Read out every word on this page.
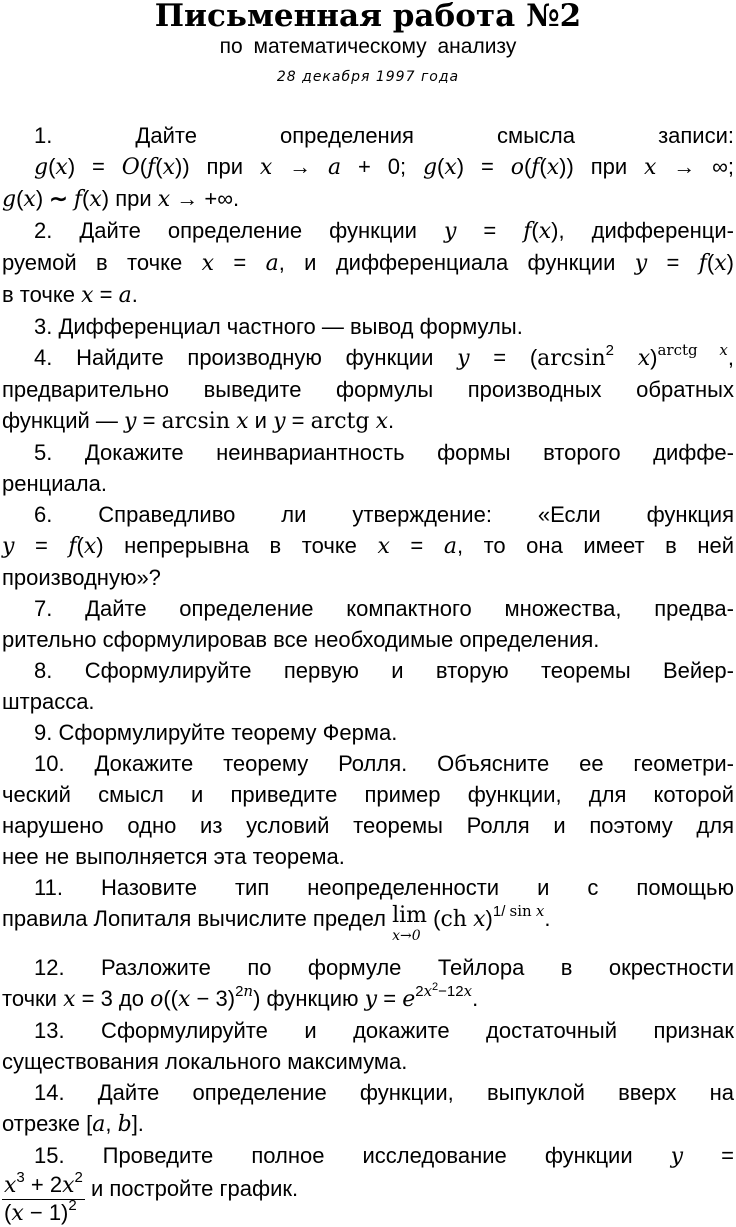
Письменная работа №2
по математическому анализу
28 декабря 1997 года

1. Дайте определения смысла записи:
g(x) = O(f(x)) при x → a + 0; g(x) = o(f(x)) при x → ∞;
g(x) ∼ f(x) при x → +∞.

2. Дайте определение функции y = f(x), дифференци-
руемой в точке x = a, и дифференциала функции y = f(x)
в точке x = a.

3. Дифференциал частного — вывод формулы.

4. Найдите производную функции $y = (\arcsin^2$ x)$^{arctg x}$,
предварительно выведите формулы производных обратных
функций — y = arcsin x и y = arctg x.

5. Докажите неинвариантность формы второго диффе-
ренциала.

6. Справедливо ли утверждение: «Если функция
y = f(x) непрерывна в точке x = a, то она имеет в ней
производную»?

7. Дайте определение компактного множества, предва-
рительно сформулировав все необходимые определения.

8. Сформулируйте первую и вторую теоремы Вейер-
штрасса.

9. Сформулируйте теорему Ферма.

10. Докажите теорему Ролля. Объясните ее геометри-
ческий смысл и приведите пример функции, для которой
нарушено одно из условий теоремы Ролля и поэтому для
нее не выполняется эта теорема.

11. Назовите тип неопределенности и с помощью
правила Лопиталя вычислите предел lim
x→0
(ch x)$^{1/ sin x}$.

12. Разложите по формуле Тейлора в окрестности
точки x = 3 до $o((x - 3)^{2n})$ функцию $y = e^{2x^2-12x}$.

13. Сформулируйте и докажите достаточный признак
существования локального максимума.

14. Дайте определение функции, выпуклой вверх на
отрезке [a, b].

15. Проведите полное исследование функции y =
$\frac{x^3 + 2x^2}{(x - 1)^2}$ и постройте график.
